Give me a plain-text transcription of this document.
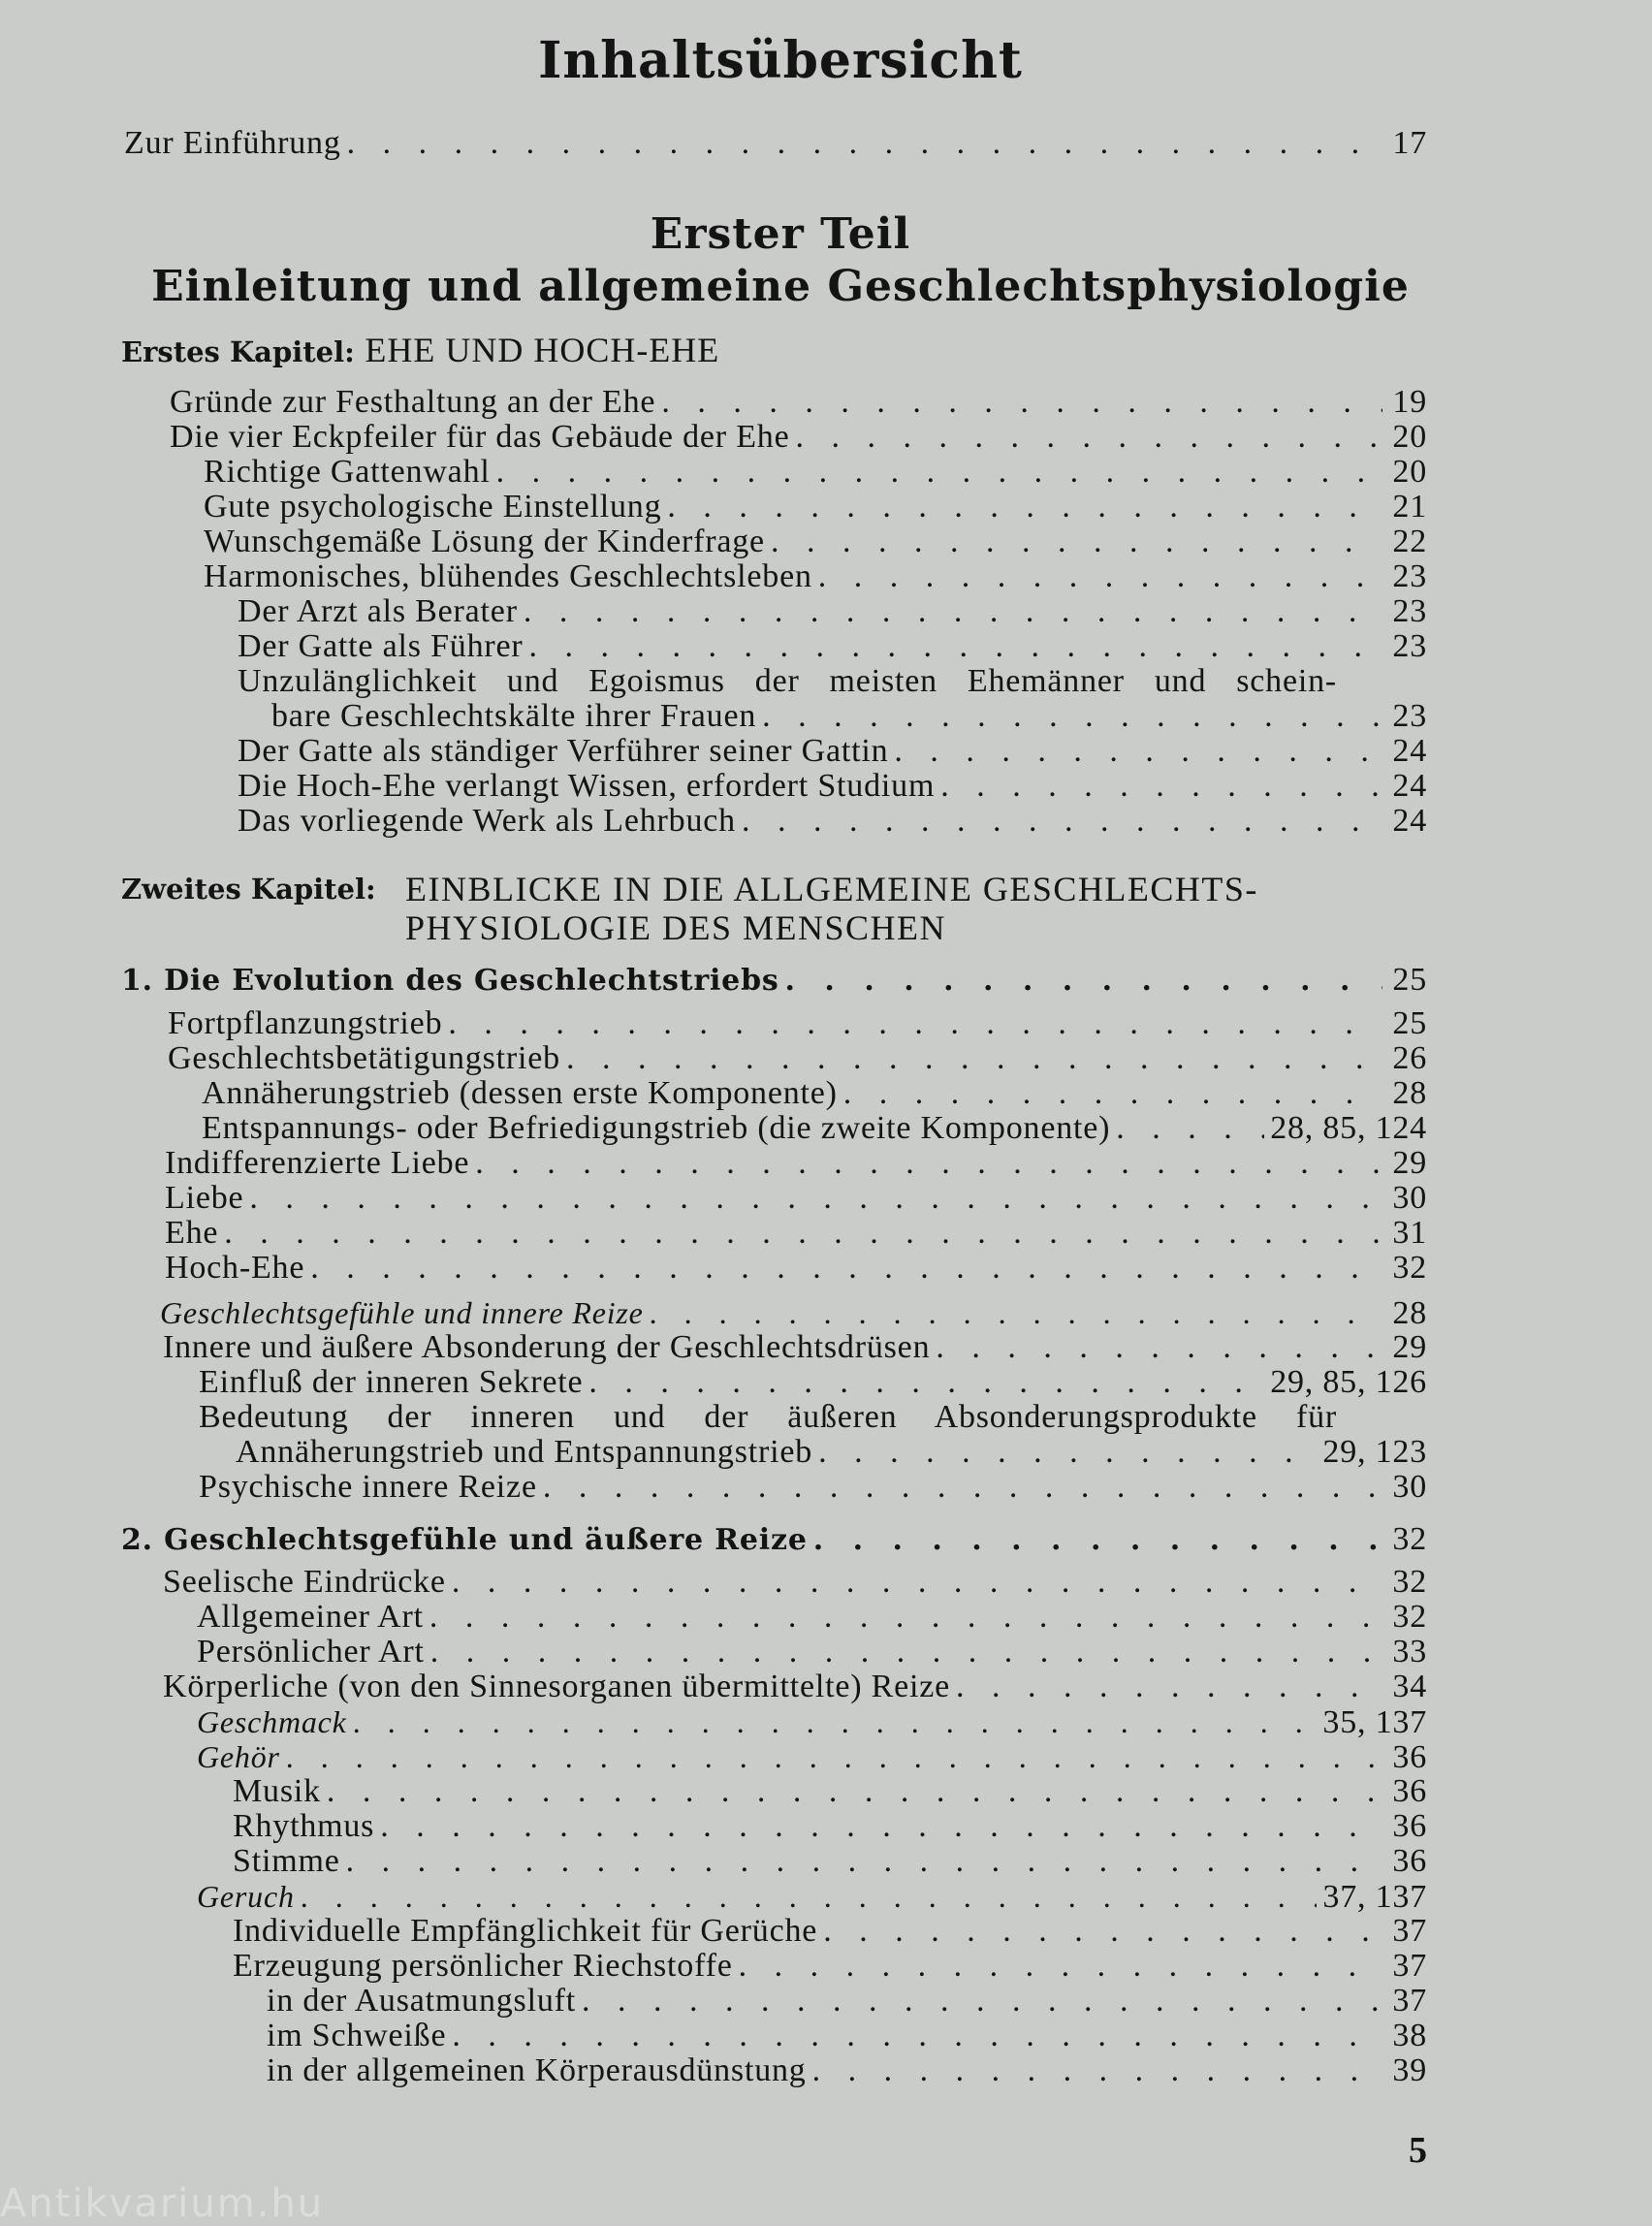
Inhaltsübersicht
Zur Einführung . . .	17
Erster Teil
Einleitung und allgemeine Geschlechtsphysiologie
Erstes Kapitel: EHE UND HOCH-EHE
Gründe zur Festhaltung an der Ehe . . .	19
Die vier Eckpfeiler für das Gebäude der Ehe . . .	20
Richtige Gattenwahl . . .	20
Gute psychologische Einstellung . . .	21
Wunschgemäße Lösung der Kinderfrage . . .	22
Harmonisches, blühendes Geschlechtsleben . . .	23
Der Arzt als Berater . . .	23
Der Gatte als Führer . . .	23
Unzulänglichkeit und Egoismus der meisten Ehemänner und schein-
bare Geschlechtskälte ihrer Frauen . . .	23
Der Gatte als ständiger Verführer seiner Gattin . . .	24
Die Hoch-Ehe verlangt Wissen, erfordert Studium . . .	24
Das vorliegende Werk als Lehrbuch . . .	24
Zweites Kapitel: EINBLICKE IN DIE ALLGEMEINE GESCHLECHTS-
PHYSIOLOGIE DES MENSCHEN
1. Die Evolution des Geschlechtstriebs . . .	25
Fortpflanzungstrieb . . .	25
Geschlechtsbetätigungstrieb . . .	26
Annäherungstrieb (dessen erste Komponente) . . .	28
Entspannungs- oder Befriedigungstrieb (die zweite Komponente) . . .	28, 85, 124
Indifferenzierte Liebe . . .	29
Liebe . . .	30
Ehe . . .	31
Hoch-Ehe . . .	32
Geschlechtsgefühle und innere Reize . . .	28
Innere und äußere Absonderung der Geschlechtsdrüsen . . .	29
Einfluß der inneren Sekrete . . .	29, 85, 126
Bedeutung der inneren und der äußeren Absonderungsprodukte für
Annäherungstrieb und Entspannungstrieb . . .	29, 123
Psychische innere Reize . . .	30
2. Geschlechtsgefühle und äußere Reize . . .	32
Seelische Eindrücke . . .	32
Allgemeiner Art . . .	32
Persönlicher Art . . .	33
Körperliche (von den Sinnesorganen übermittelte) Reize . . .	34
Geschmack . . .	35, 137
Gehör . . .	36
Musik . . .	36
Rhythmus . . .	36
Stimme . . .	36
Geruch . . .	37, 137
Individuelle Empfänglichkeit für Gerüche . . .	37
Erzeugung persönlicher Riechstoffe . . .	37
in der Ausatmungsluft . . .	37
im Schweiße . . .	38
in der allgemeinen Körperausdünstung . . .	39
5
Antikvarium.hu
